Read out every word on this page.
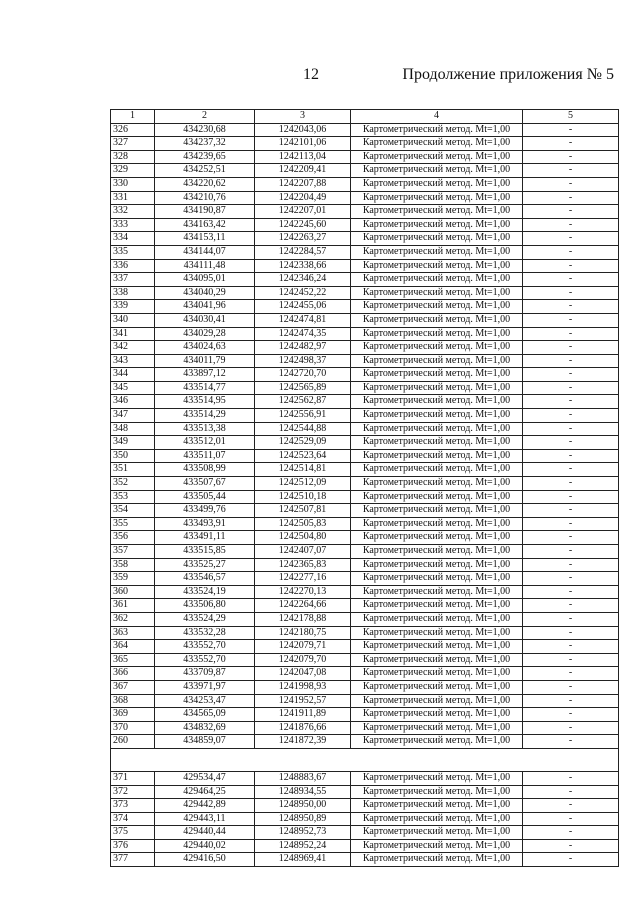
12	Продолжение приложения № 5
1	2	3	4	5
326	434230,68	1242043,06	Картометрический метод. Mt=1,00	-
327	434237,32	1242101,06	Картометрический метод. Mt=1,00	-
328	434239,65	1242113,04	Картометрический метод. Mt=1,00	-
329	434252,51	1242209,41	Картометрический метод. Mt=1,00	-
330	434220,62	1242207,88	Картометрический метод. Mt=1,00	-
331	434210,76	1242204,49	Картометрический метод. Mt=1,00	-
332	434190,87	1242207,01	Картометрический метод. Mt=1,00	-
333	434163,42	1242245,60	Картометрический метод. Mt=1,00	-
334	434153,11	1242263,27	Картометрический метод. Mt=1,00	-
335	434144,07	1242284,57	Картометрический метод. Mt=1,00	-
336	434111,48	1242338,66	Картометрический метод. Mt=1,00	-
337	434095,01	1242346,24	Картометрический метод. Mt=1,00	-
338	434040,29	1242452,22	Картометрический метод. Mt=1,00	-
339	434041,96	1242455,06	Картометрический метод. Mt=1,00	-
340	434030,41	1242474,81	Картометрический метод. Mt=1,00	-
341	434029,28	1242474,35	Картометрический метод. Mt=1,00	-
342	434024,63	1242482,97	Картометрический метод. Mt=1,00	-
343	434011,79	1242498,37	Картометрический метод. Mt=1,00	-
344	433897,12	1242720,70	Картометрический метод. Mt=1,00	-
345	433514,77	1242565,89	Картометрический метод. Mt=1,00	-
346	433514,95	1242562,87	Картометрический метод. Mt=1,00	-
347	433514,29	1242556,91	Картометрический метод. Mt=1,00	-
348	433513,38	1242544,88	Картометрический метод. Mt=1,00	-
349	433512,01	1242529,09	Картометрический метод. Mt=1,00	-
350	433511,07	1242523,64	Картометрический метод. Mt=1,00	-
351	433508,99	1242514,81	Картометрический метод. Mt=1,00	-
352	433507,67	1242512,09	Картометрический метод. Mt=1,00	-
353	433505,44	1242510,18	Картометрический метод. Mt=1,00	-
354	433499,76	1242507,81	Картометрический метод. Mt=1,00	-
355	433493,91	1242505,83	Картометрический метод. Mt=1,00	-
356	433491,11	1242504,80	Картометрический метод. Mt=1,00	-
357	433515,85	1242407,07	Картометрический метод. Mt=1,00	-
358	433525,27	1242365,83	Картометрический метод. Mt=1,00	-
359	433546,57	1242277,16	Картометрический метод. Mt=1,00	-
360	433524,19	1242270,13	Картометрический метод. Mt=1,00	-
361	433506,80	1242264,66	Картометрический метод. Mt=1,00	-
362	433524,29	1242178,88	Картометрический метод. Mt=1,00	-
363	433532,28	1242180,75	Картометрический метод. Mt=1,00	-
364	433552,70	1242079,71	Картометрический метод. Mt=1,00	-
365	433552,70	1242079,70	Картометрический метод. Mt=1,00	-
366	433709,87	1242047,08	Картометрический метод. Mt=1,00	-
367	433971,97	1241998,93	Картометрический метод. Mt=1,00	-
368	434253,47	1241952,57	Картометрический метод. Mt=1,00	-
369	434565,09	1241911,89	Картометрический метод. Mt=1,00	-
370	434832,69	1241876,66	Картометрический метод. Mt=1,00	-
260	434859,07	1241872,39	Картометрический метод. Mt=1,00	-

371	429534,47	1248883,67	Картометрический метод. Mt=1,00	-
372	429464,25	1248934,55	Картометрический метод. Mt=1,00	-
373	429442,89	1248950,00	Картометрический метод. Mt=1,00	-
374	429443,11	1248950,89	Картометрический метод. Mt=1,00	-
375	429440,44	1248952,73	Картометрический метод. Mt=1,00	-
376	429440,02	1248952,24	Картометрический метод. Mt=1,00	-
377	429416,50	1248969,41	Картометрический метод. Mt=1,00	-
